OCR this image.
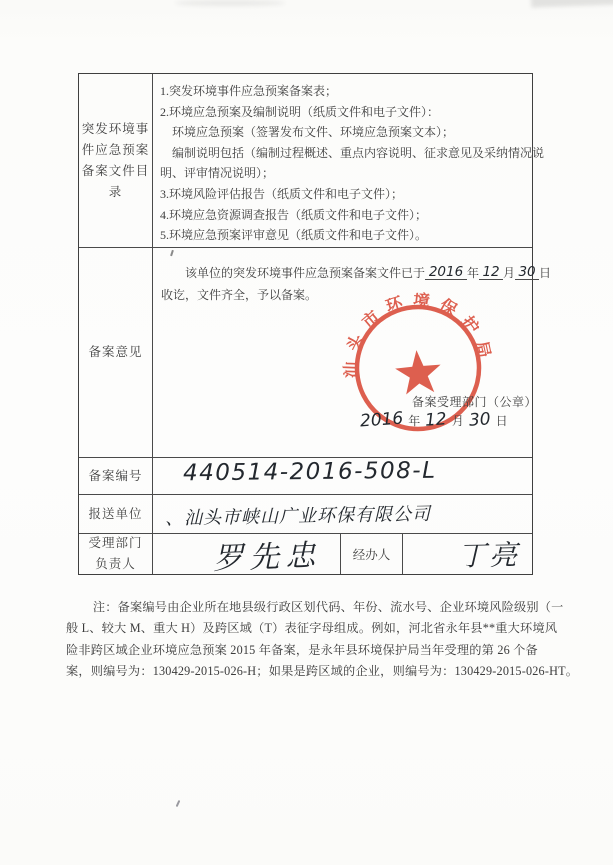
突发环境事
件应急预案
备案文件目
录
1.突发环境事件应急预案备案表；
2.环境应急预案及编制说明（纸质文件和电子文件）：
环境应急预案（签署发布文件、环境应急预案文本）；
编制说明包括（编制过程概述、重点内容说明、征求意见及采纳情况说
明、评审情况说明）；
3.环境风险评估报告（纸质文件和电子文件）；
4.环境应急资源调查报告（纸质文件和电子文件）；
5.环境应急预案评审意见（纸质文件和电子文件）。
备案意见
该单位的突发环境事件应急预案备案文件已于 2016 年 12 月 30 日
收讫，文件齐全，予以备案。
汕头市环境保护局
备案受理部门（公章）
2016 年 12 月 30 日
备案编号 440514-2016-508-L
报送单位 、汕头市峡山广业环保有限公司
受理部门
负责人	罗先忠 经办人 丁亮
注：备案编号由企业所在地县级行政区划代码、年份、流水号、企业环境风险级别（一
般 L、较大 M、重大 H）及跨区域（T）表征字母组成。例如，河北省永年县**重大环境风
险非跨区域企业环境应急预案 2015 年备案，是永年县环境保护局当年受理的第 26 个备
案，则编号为：130429-2015-026-H；如果是跨区域的企业，则编号为：130429-2015-026-HT。
